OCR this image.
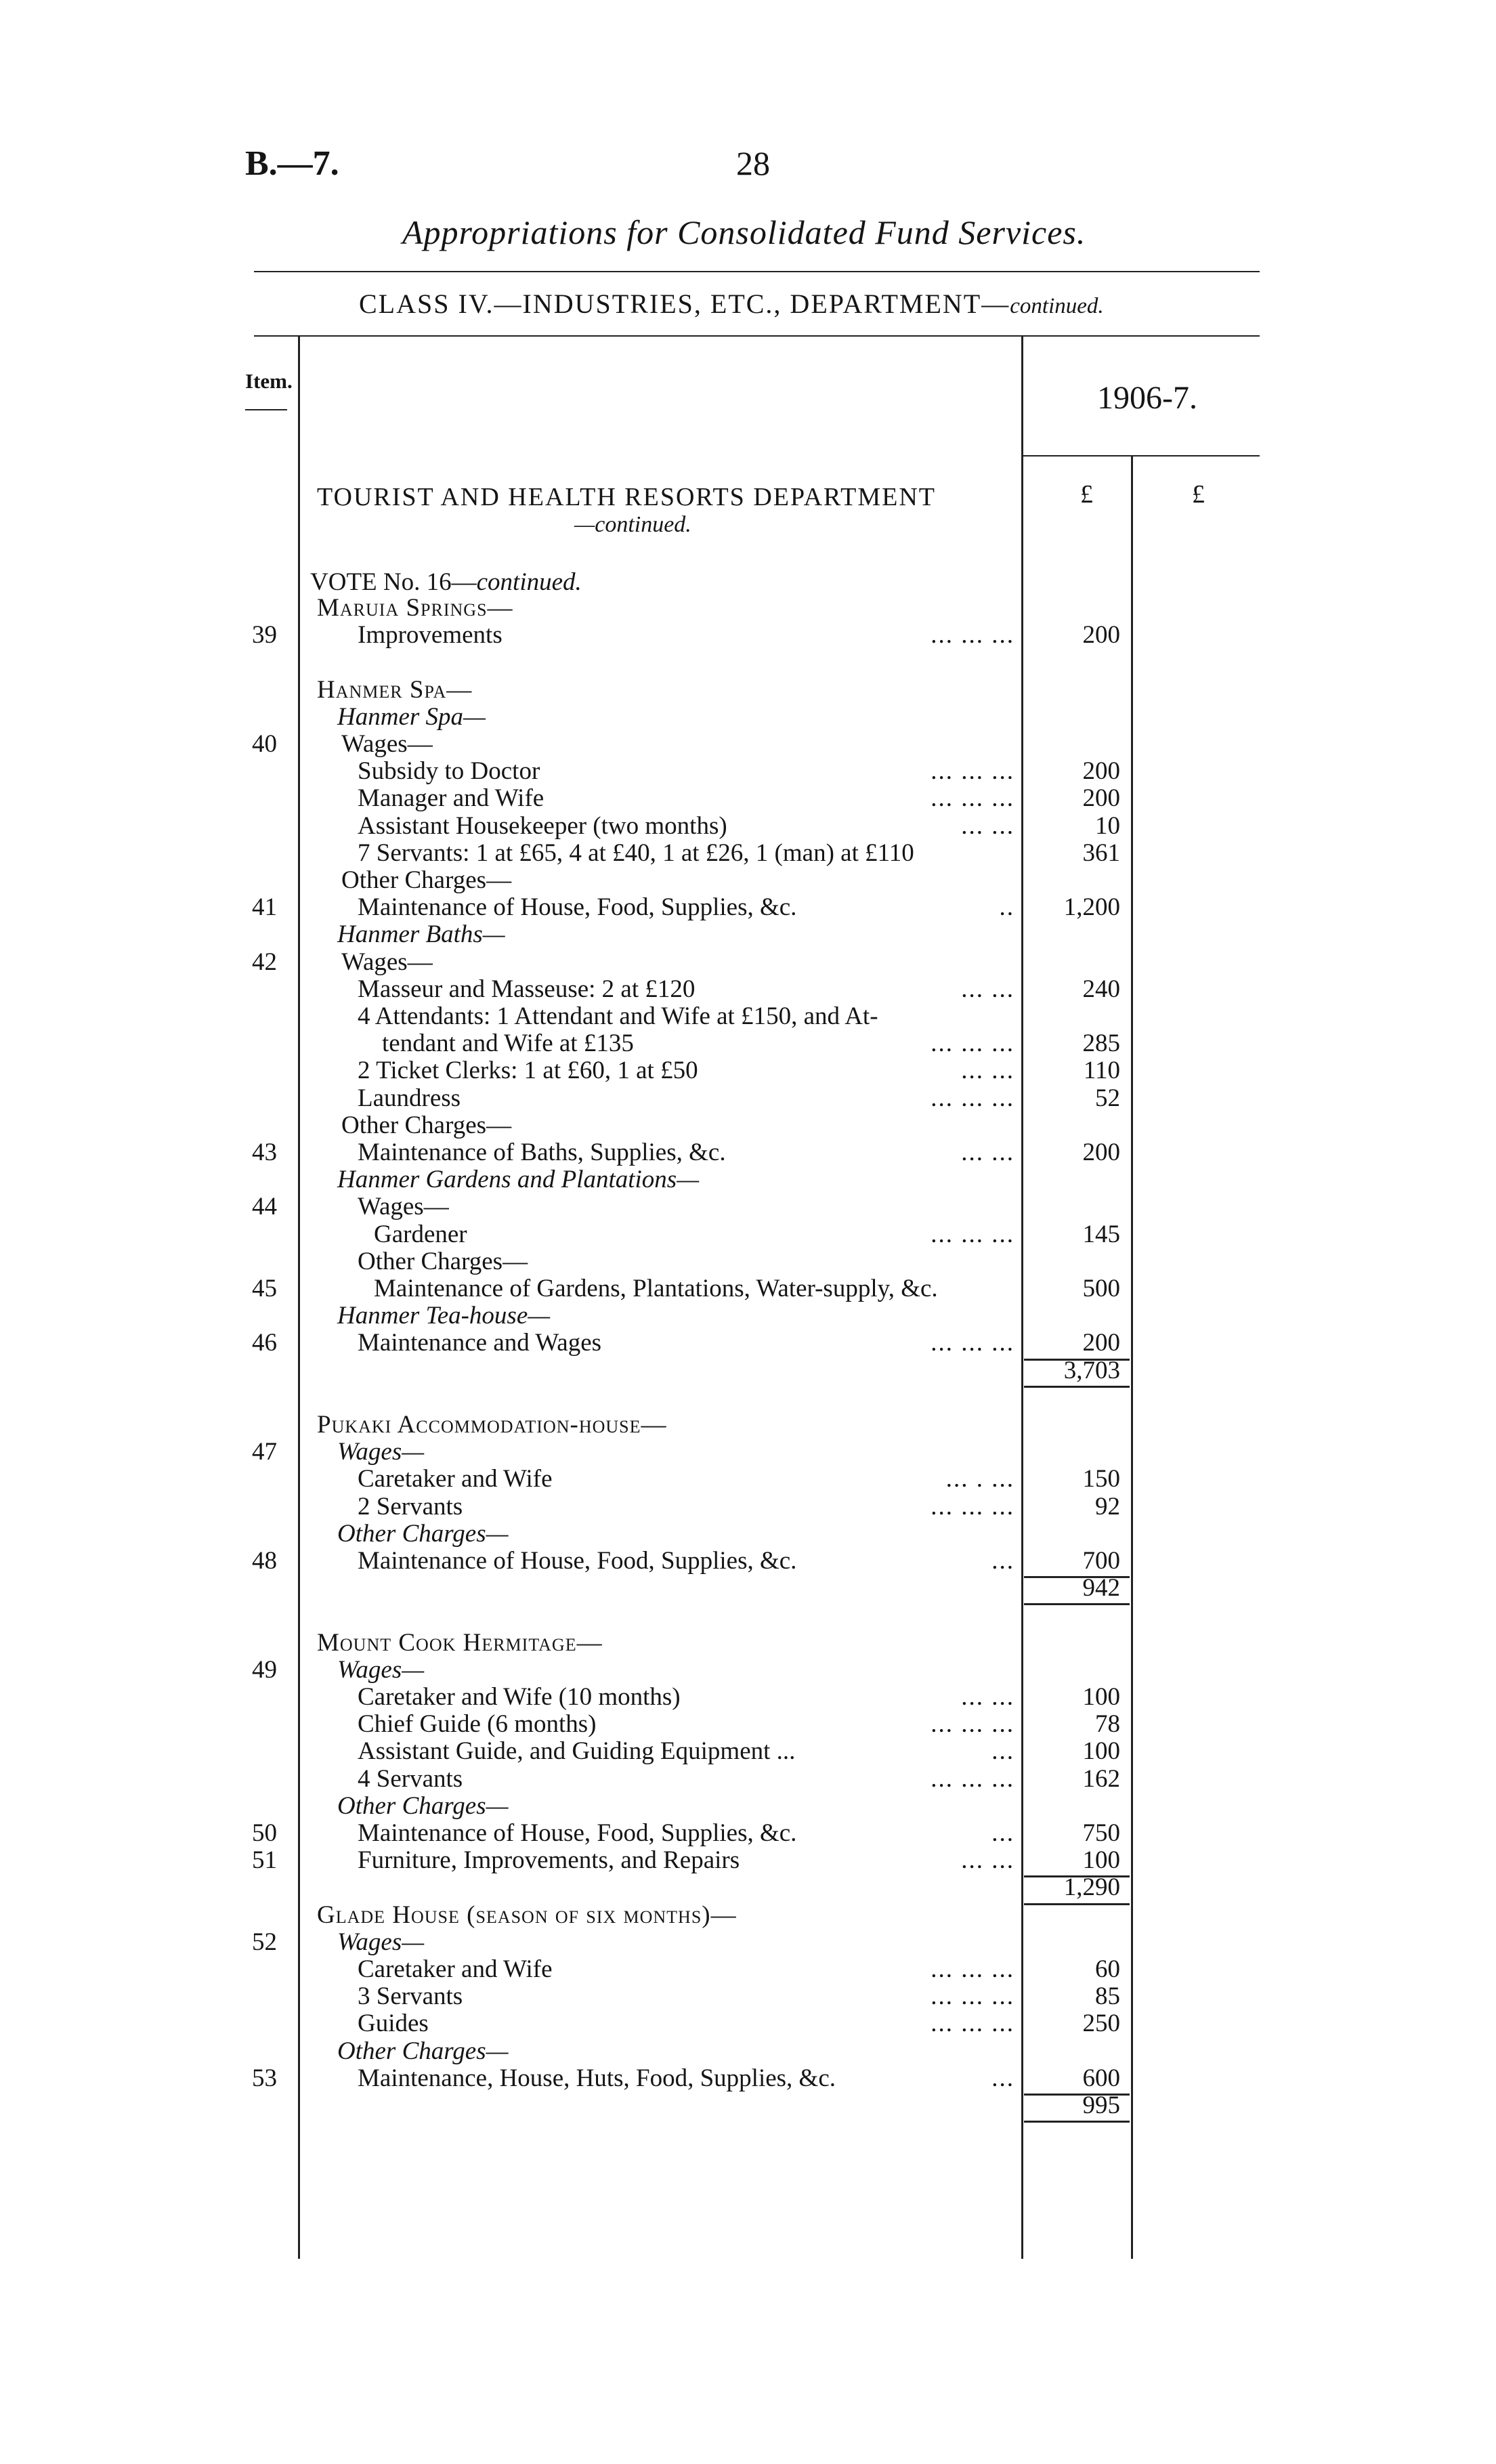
B.—7.	28
Appropriations for Consolidated Fund Services.
CLASS IV.—INDUSTRIES, ETC., DEPARTMENT—continued.
Item.	1906-7.
£	£
TOURIST AND HEALTH RESORTS DEPARTMENT
—continued.
VOTE No. 16—continued.
Maruia Springs—
39	Improvements	... ... ...	200
Hanmer Spa—
Hanmer Spa—
40	Wages—
Subsidy to Doctor	... ... ...	200
Manager and Wife	... ... ...	200
Assistant Housekeeper (two months)	... ...	10
7 Servants: 1 at £65, 4 at £40, 1 at £26, 1 (man) at £110	361
Other Charges—
41	Maintenance of House, Food, Supplies, &c.	..	1,200
Hanmer Baths—
42	Wages—
Masseur and Masseuse: 2 at £120	... ...	240
4 Attendants: 1 Attendant and Wife at £150, and At-
tendant and Wife at £135	... ... ...	285
2 Ticket Clerks: 1 at £60, 1 at £50	... ...	110
Laundress	... ... ...	52
Other Charges—
43	Maintenance of Baths, Supplies, &c.	... ...	200
Hanmer Gardens and Plantations—
44	Wages—
Gardener	... ... ...	145
Other Charges—
45	Maintenance of Gardens, Plantations, Water-supply, &c.	500
Hanmer Tea-house—
46	Maintenance and Wages	... ... ...	200
3,703
Pukaki Accommodation-house—
47	Wages—
Caretaker and Wife	... . ...	150
2 Servants	... ... ...	92
Other Charges—
48	Maintenance of House, Food, Supplies, &c.	...	700
942
Mount Cook Hermitage—
49	Wages—
Caretaker and Wife (10 months)	... ...	100
Chief Guide (6 months)	... ... ...	78
Assistant Guide, and Guiding Equipment ...	...	100
4 Servants	... ... ...	162
Other Charges—
50	Maintenance of House, Food, Supplies, &c.	...	750
51	Furniture, Improvements, and Repairs	... ...	100
1,290
Glade House (season of six months)—
52	Wages—
Caretaker and Wife	... ... ...	60
3 Servants	... ... ...	85
Guides	... ... ...	250
Other Charges—
53	Maintenance, House, Huts, Food, Supplies, &c.	...	600
995
